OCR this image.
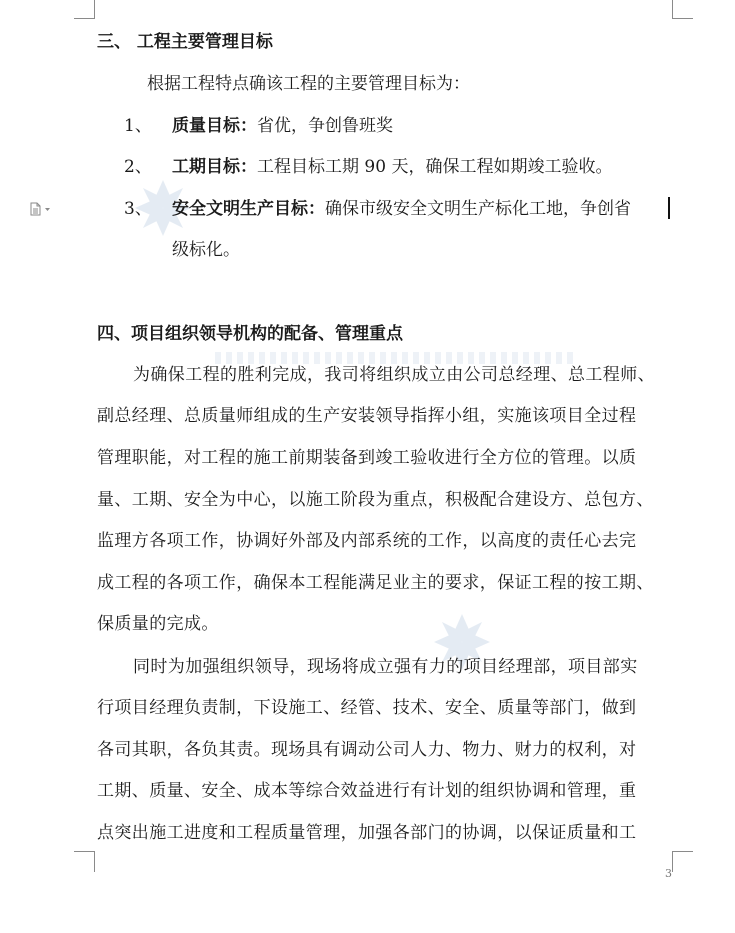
三、 工程主要管理目标
根据工程特点确该工程的主要管理目标为：
1、 质量目标：省优，争创鲁班奖
2、 工期目标：工程目标工期 90 天，确保工程如期竣工验收。
3、 安全文明生产目标：确保市级安全文明生产标化工地，争创省
级标化。
四、项目组织领导机构的配备、管理重点
为确保工程的胜利完成，我司将组织成立由公司总经理、总工程师、
副总经理、总质量师组成的生产安装领导指挥小组，实施该项目全过程
管理职能，对工程的施工前期装备到竣工验收进行全方位的管理。以质
量、工期、安全为中心，以施工阶段为重点，积极配合建设方、总包方、
监理方各项工作，协调好外部及内部系统的工作，以高度的责任心去完
成工程的各项工作，确保本工程能满足业主的要求，保证工程的按工期、
保质量的完成。
同时为加强组织领导，现场将成立强有力的项目经理部，项目部实
行项目经理负责制，下设施工、经管、技术、安全、质量等部门，做到
各司其职，各负其责。现场具有调动公司人力、物力、财力的权利，对
工期、质量、安全、成本等综合效益进行有计划的组织协调和管理，重
点突出施工进度和工程质量管理，加强各部门的协调，以保证质量和工
3
